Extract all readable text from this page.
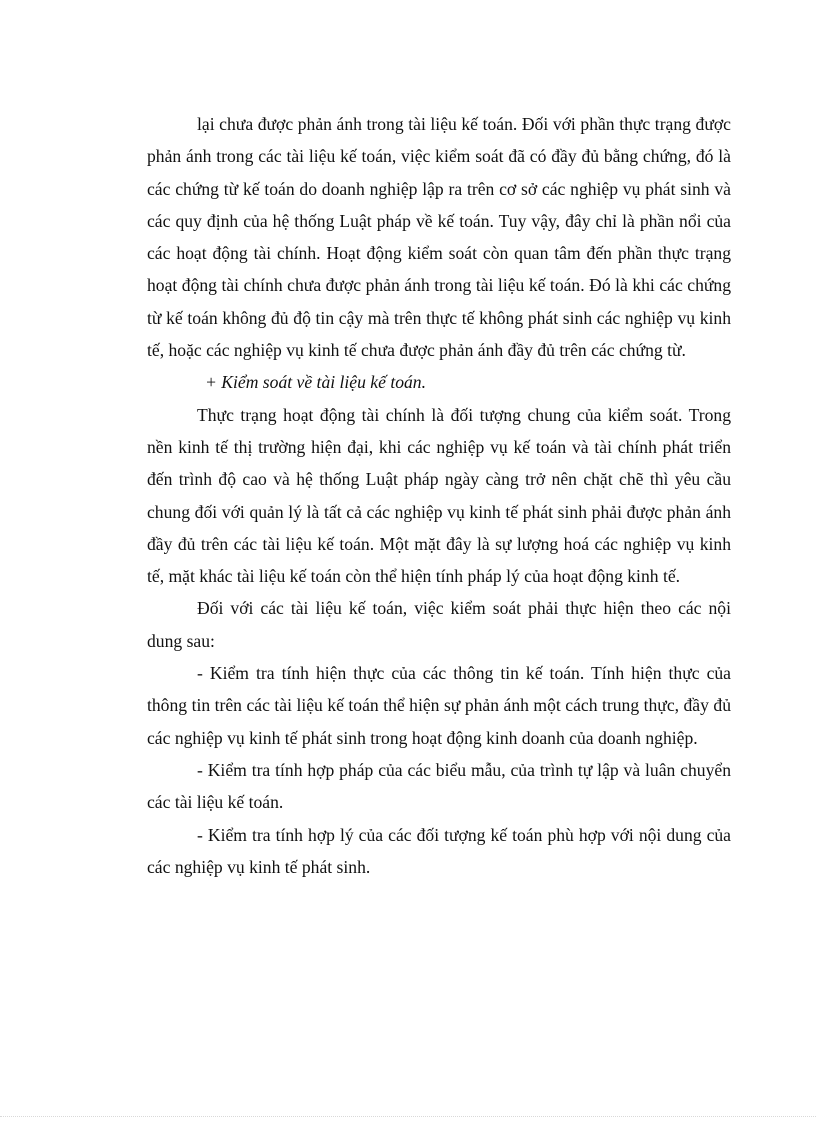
lại chưa được phản ánh trong tài liệu kế toán. Đối với phần thực trạng được phản ánh trong các tài liệu kế toán, việc kiểm soát đã có đầy đủ bằng chứng, đó là các chứng từ kế toán do doanh nghiệp lập ra trên cơ sở các nghiệp vụ phát sinh và các quy định của hệ thống Luật pháp về kế toán. Tuy vậy, đây chỉ là phần nổi của các hoạt động tài chính. Hoạt động kiểm soát còn quan tâm đến phần thực trạng hoạt động tài chính chưa được phản ánh trong tài liệu kế toán. Đó là khi các chứng từ kế toán không đủ độ tin cậy mà trên thực tế không phát sinh các nghiệp vụ kinh tế, hoặc các nghiệp vụ kinh tế chưa được phản ánh đầy đủ trên các chứng từ.

+ Kiểm soát về tài liệu kế toán.

Thực trạng hoạt động tài chính là đối tượng chung của kiểm soát. Trong nền kinh tế thị trường hiện đại, khi các nghiệp vụ kế toán và tài chính phát triển đến trình độ cao và hệ thống Luật pháp ngày càng trở nên chặt chẽ thì yêu cầu chung đối với quản lý là tất cả các nghiệp vụ kinh tế phát sinh phải được phản ánh đầy đủ trên các tài liệu kế toán. Một mặt đây là sự lượng hoá các nghiệp vụ kinh tế, mặt khác tài liệu kế toán còn thể hiện tính pháp lý của hoạt động kinh tế.

Đối với các tài liệu kế toán, việc kiểm soát phải thực hiện theo các nội dung sau:

- Kiểm tra tính hiện thực của các thông tin kế toán. Tính hiện thực của thông tin trên các tài liệu kế toán thể hiện sự phản ánh một cách trung thực, đầy đủ các nghiệp vụ kinh tế phát sinh trong hoạt động kinh doanh của doanh nghiệp.

- Kiểm tra tính hợp pháp của các biểu mẫu, của trình tự lập và luân chuyển các tài liệu kế toán.

- Kiểm tra tính hợp lý của các đối tượng kế toán phù hợp với nội dung của các nghiệp vụ kinh tế phát sinh.
